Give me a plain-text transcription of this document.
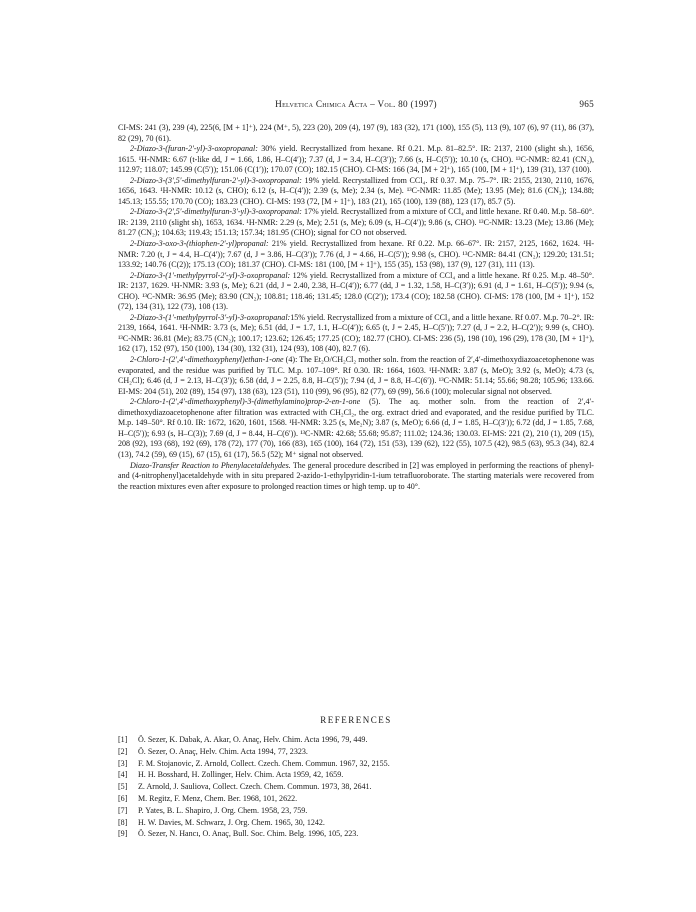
Helvetica Chimica Acta – Vol. 80 (1997)	965

CI-MS: 241 (3), 239 (4), 225(6, [M + 1]⁺), 224 (M⁺, 5), 223 (20), 209 (4), 197 (9), 183 (32), 171 (100), 155 (5), 113 (9), 107 (6), 97 (11), 86 (37), 82 (29), 70 (61).

2-Diazo-3-(furan-2′-yl)-3-oxopropanal: 30% yield. Recrystallized from hexane. Rf 0.21. M.p. 81–82.5°. IR: 2137, 2100 (slight sh.), 1656, 1615. ¹H-NMR: 6.67 (t-like dd, J = 1.66, 1.86, H–C(4′)); 7.37 (d, J = 3.4, H–C(3′)); 7.66 (s, H–C(5′)); 10.10 (s, CHO). ¹³C-NMR: 82.41 (CN₂), 112.97; 118.07; 145.99 (C(5′)); 151.06 (C(1′)); 170.07 (CO); 182.15 (CHO). CI-MS: 166 (34, [M + 2]⁺), 165 (100, [M + 1]⁺), 139 (31), 137 (100).

2-Diazo-3-(3′,5′-dimethylfuran-2′-yl)-3-oxopropanal: 19% yield. Recrystallized from CCl₄. Rf 0.37. M.p. 75–7°. IR: 2155, 2130, 2110, 1676, 1656, 1643. ¹H-NMR: 10.12 (s, CHO); 6.12 (s, H–C(4′)); 2.39 (s, Me); 2.34 (s, Me). ¹³C-NMR: 11.85 (Me); 13.95 (Me); 81.6 (CN₂); 134.88; 145.13; 155.55; 170.70 (CO); 183.23 (CHO). CI-MS: 193 (72, [M + 1]⁺), 183 (21), 165 (100), 139 (88), 123 (17), 85.7 (5).

2-Diazo-3-(2′,5′-dimethylfuran-3′-yl)-3-oxopropanal: 17% yield. Recrystallized from a mixture of CCl₄ and little hexane. Rf 0.40. M.p. 58–60°. IR: 2139, 2110 (slight sh), 1653, 1634. ¹H-NMR: 2.29 (s, Me); 2.51 (s, Me); 6.09 (s, H–C(4′)); 9.86 (s, CHO). ¹³C-NMR: 13.23 (Me); 13.86 (Me); 81.27 (CN₂); 104.63; 119.43; 151.13; 157.34; 181.95 (CHO); signal for CO not observed.

2-Diazo-3-oxo-3-(thiophen-2′-yl)propanal: 21% yield. Recrystallized from hexane. Rf 0.22. M.p. 66–67°. IR: 2157, 2125, 1662, 1624. ¹H-NMR: 7.20 (t, J = 4.4, H–C(4′)); 7.67 (d, J = 3.86, H–C(3′)); 7.76 (d, J = 4.66, H–C(5′)); 9.98 (s, CHO). ¹³C-NMR: 84.41 (CN₂); 129.20; 131.51; 133.92; 140.76 (C(2)); 175.13 (CO); 181.37 (CHO). CI-MS: 181 (100, [M + 1]⁺), 155 (35), 153 (98), 137 (9), 127 (31), 111 (13).

2-Diazo-3-(1′-methylpyrrol-2′-yl)-3-oxopropanal: 12% yield. Recrystallized from a mixture of CCl₄ and a little hexane. Rf 0.25. M.p. 48–50°. IR: 2137, 1629. ¹H-NMR: 3.93 (s, Me); 6.21 (dd, J = 2.40, 2.38, H–C(4′)); 6.77 (dd, J = 1.32, 1.58, H–C(3′)); 6.91 (d, J = 1.61, H–C(5′)); 9.94 (s, CHO). ¹³C-NMR: 36.95 (Me); 83.90 (CN₂); 108.81; 118.46; 131.45; 128.0 (C(2′)); 173.4 (CO); 182.58 (CHO). CI-MS: 178 (100, [M + 1]⁺), 152 (72), 134 (31), 122 (73), 108 (13).

2-Diazo-3-(1′-methylpyrrol-3′-yl)-3-oxopropanal:15% yield. Recrystallized from a mixture of CCl₄ and a little hexane. Rf 0.07. M.p. 70–2°. IR: 2139, 1664, 1641. ¹H-NMR: 3.73 (s, Me); 6.51 (dd, J = 1.7, 1.1, H–C(4′)); 6.65 (t, J = 2.45, H–C(5′)); 7.27 (d, J = 2.2, H–C(2′)); 9.99 (s, CHO). ¹³C-NMR: 36.81 (Me); 83.75 (CN₂); 100.17; 123.62; 126.45; 177.25 (CO); 182.77 (CHO). CI-MS: 236 (5), 198 (10), 196 (29), 178 (30, [M + 1]⁺), 162 (17), 152 (97), 150 (100), 134 (30), 132 (31), 124 (93), 108 (40), 82.7 (6).

2-Chloro-1-(2′,4′-dimethoxyphenyl)ethan-1-one (4): The Et₂O/CH₂Cl₂ mother soln. from the reaction of 2′,4′-dimethoxydiazoacetophenone was evaporated, and the residue was purified by TLC. M.p. 107–109°. Rf 0.30. IR: 1664, 1603. ¹H-NMR: 3.87 (s, MeO); 3.92 (s, MeO); 4.73 (s, CH₂Cl); 6.46 (d, J = 2.13, H–C(3′)); 6.58 (dd, J = 2.25, 8.8, H–C(5′)); 7.94 (d, J = 8.8, H–C(6′)). ¹³C-NMR: 51.14; 55.66; 98.28; 105.96; 133.66. EI-MS: 204 (51), 202 (89), 154 (97), 138 (63), 123 (51), 110 (99), 96 (95), 82 (77), 69 (99), 56.6 (100); molecular signal not observed.

2-Chloro-1-(2′,4′-dimethoxyphenyl)-3-(dimethylamino)prop-2-en-1-one (5). The aq. mother soln. from the reaction of 2′,4′-dimethoxydiazoacetophenone after filtration was extracted with CH₂Cl₂, the org. extract dried and evaporated, and the residue purified by TLC. M.p. 149–50°. Rf 0.10. IR: 1672, 1620, 1601, 1568. ¹H-NMR: 3.25 (s, Me₂N); 3.87 (s, MeO); 6.66 (d, J = 1.85, H–C(3′)); 6.72 (dd, J = 1.85, 7.68, H–C(5′)); 6.93 (s, H–C(3)); 7.69 (d, J = 8.44, H–C(6′)). ¹³C-NMR: 42.68; 55.68; 95.87; 111.02; 124.36; 130.03. EI-MS: 221 (2), 210 (1), 209 (15), 208 (92), 193 (68), 192 (69), 178 (72), 177 (70), 166 (83), 165 (100), 164 (72), 151 (53), 139 (62), 122 (55), 107.5 (42), 98.5 (63), 95.3 (34), 82.4 (13), 74.2 (59), 69 (15), 67 (15), 61 (17), 56.5 (52); M⁺ signal not observed.

Diazo-Transfer Reaction to Phenylacetaldehydes. The general procedure described in [2] was employed in performing the reactions of phenyl- and (4-nitrophenyl)acetaldehyde with in situ prepared 2-azido-1-ethylpyridin-1-ium tetrafluoroborate. The starting materials were recovered from the reaction mixtures even after exposure to prolonged reaction times or high temp. up to 40°.

REFERENCES
[1] Ö. Sezer, K. Dabak, A. Akar, O. Anaç, Helv. Chim. Acta 1996, 79, 449.
[2] Ö. Sezer, O. Anaç, Helv. Chim. Acta 1994, 77, 2323.
[3] F. M. Stojanovic, Z. Arnold, Collect. Czech. Chem. Commun. 1967, 32, 2155.
[4] H. H. Bosshard, H. Zollinger, Helv. Chim. Acta 1959, 42, 1659.
[5] Z. Arnold, J. Sauliova, Collect. Czech. Chem. Commun. 1973, 38, 2641.
[6] M. Regitz, F. Menz, Chem. Ber. 1968, 101, 2622.
[7] P. Yates, B. L. Shapiro, J. Org. Chem. 1958, 23, 759.
[8] H. W. Davies, M. Schwarz, J. Org. Chem. 1965, 30, 1242.
[9] Ö. Sezer, N. Hancı, O. Anaç, Bull. Soc. Chim. Belg. 1996, 105, 223.
